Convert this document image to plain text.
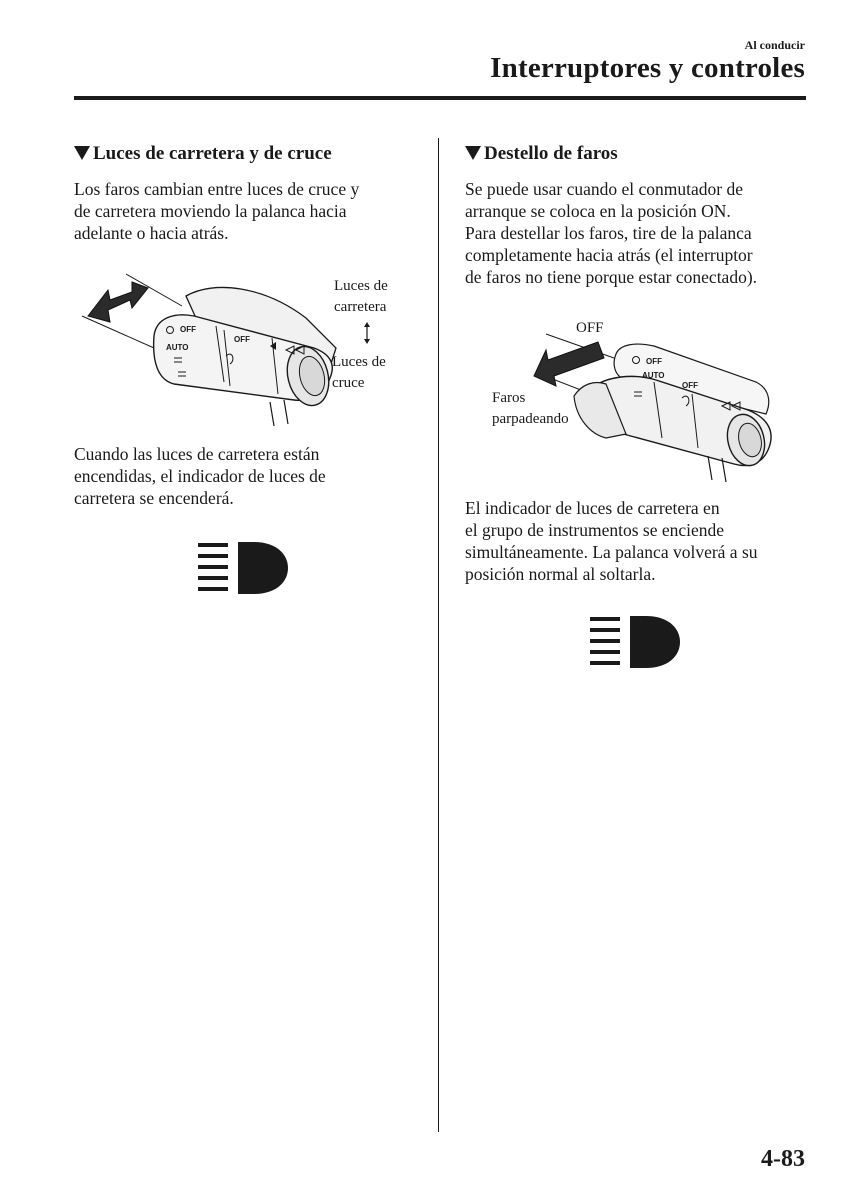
Al conducir
Interruptores y controles
Luces de carretera y de cruce
Los faros cambian entre luces de cruce y
de carretera moviendo la palanca hacia
adelante o hacia atrás.
OFF
AUTO
OFF
Luces de
carretera
Luces de
cruce
Cuando las luces de carretera están
encendidas, el indicador de luces de
carretera se encenderá.
Destello de faros
Se puede usar cuando el conmutador de
arranque se coloca en la posición ON.
Para destellar los faros, tire de la palanca
completamente hacia atrás (el interruptor
de faros no tiene porque estar conectado).
OFF
AUTO
OFF
OFF
Faros
parpadeando
El indicador de luces de carretera en
el grupo de instrumentos se enciende
simultáneamente. La palanca volverá a su
posición normal al soltarla.
4-83
